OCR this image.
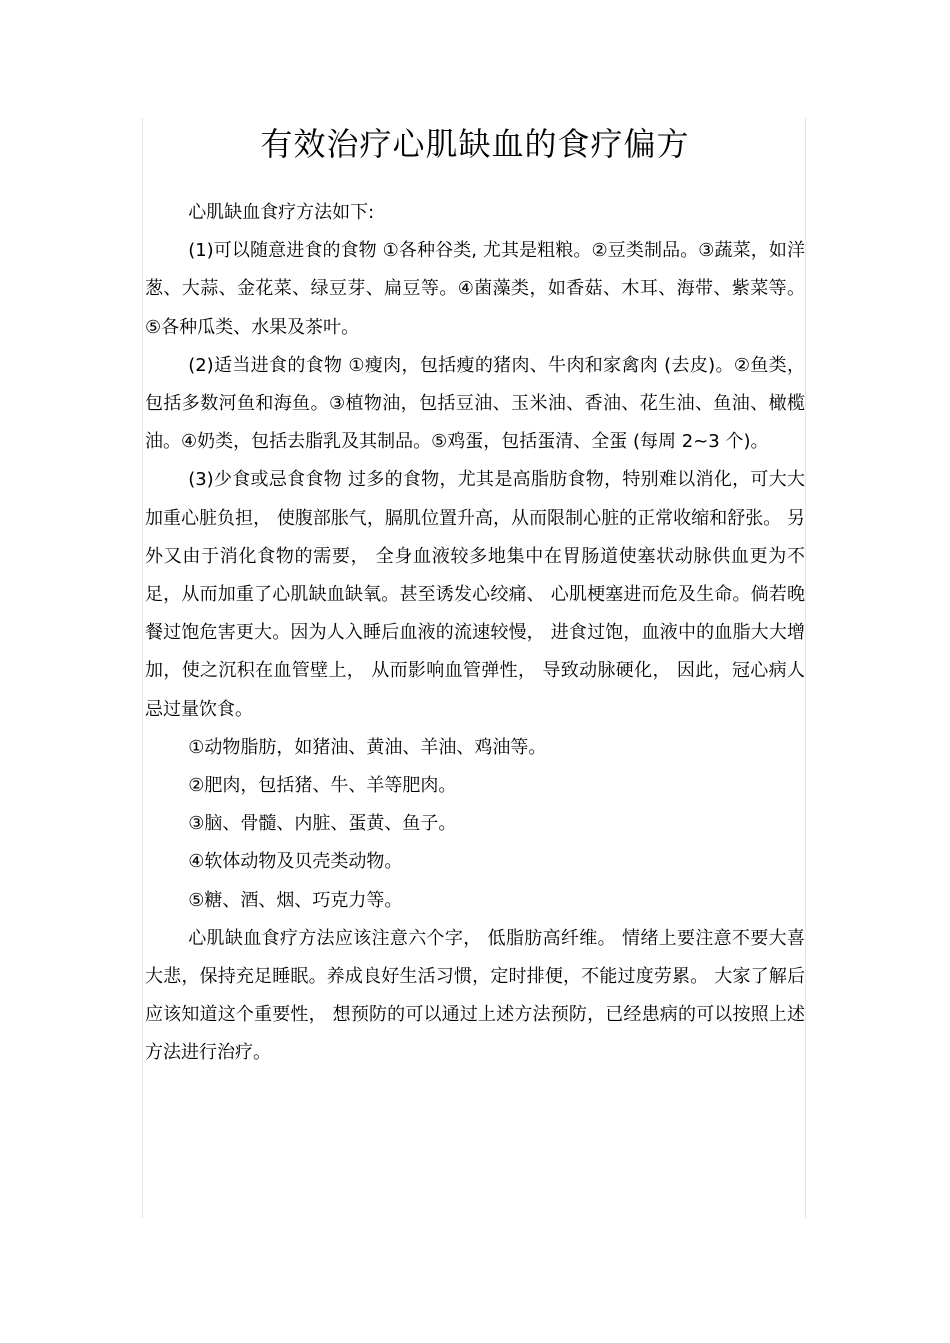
有效治疗心肌缺血的食疗偏方

心肌缺血食疗方法如下:

(1)可以随意进食的食物 ①各种谷类, 尤其是粗粮。②豆类制品。③蔬菜，如洋葱、大蒜、金花菜、绿豆芽、扁豆等。④菌藻类，如香菇、木耳、海带、紫菜等。⑤各种瓜类、水果及茶叶。

(2)适当进食的食物 ①瘦肉，包括瘦的猪肉、牛肉和家禽肉 (去皮)。②鱼类，包括多数河鱼和海鱼。③植物油，包括豆油、玉米油、香油、花生油、鱼油、橄榄油。④奶类，包括去脂乳及其制品。⑤鸡蛋，包括蛋清、全蛋 (每周 2~3 个)。

(3)少食或忌食食物 过多的食物，尤其是高脂肪食物，特别难以消化，可大大加重心脏负担， 使腹部胀气，膈肌位置升高，从而限制心脏的正常收缩和舒张。 另外又由于消化食物的需要， 全身血液较多地集中在胃肠道使塞状动脉供血更为不足，从而加重了心肌缺血缺氧。甚至诱发心绞痛、 心肌梗塞进而危及生命。倘若晚餐过饱危害更大。因为人入睡后血液的流速较慢， 进食过饱，血液中的血脂大大增加，使之沉积在血管壁上， 从而影响血管弹性， 导致动脉硬化， 因此，冠心病人忌过量饮食。

①动物脂肪，如猪油、黄油、羊油、鸡油等。

②肥肉，包括猪、牛、羊等肥肉。

③脑、骨髓、内脏、蛋黄、鱼子。

④软体动物及贝壳类动物。

⑤糖、酒、烟、巧克力等。

心肌缺血食疗方法应该注意六个字， 低脂肪高纤维。 情绪上要注意不要大喜大悲，保持充足睡眠。养成良好生活习惯，定时排便，不能过度劳累。 大家了解后应该知道这个重要性， 想预防的可以通过上述方法预防，已经患病的可以按照上述方法进行治疗。
